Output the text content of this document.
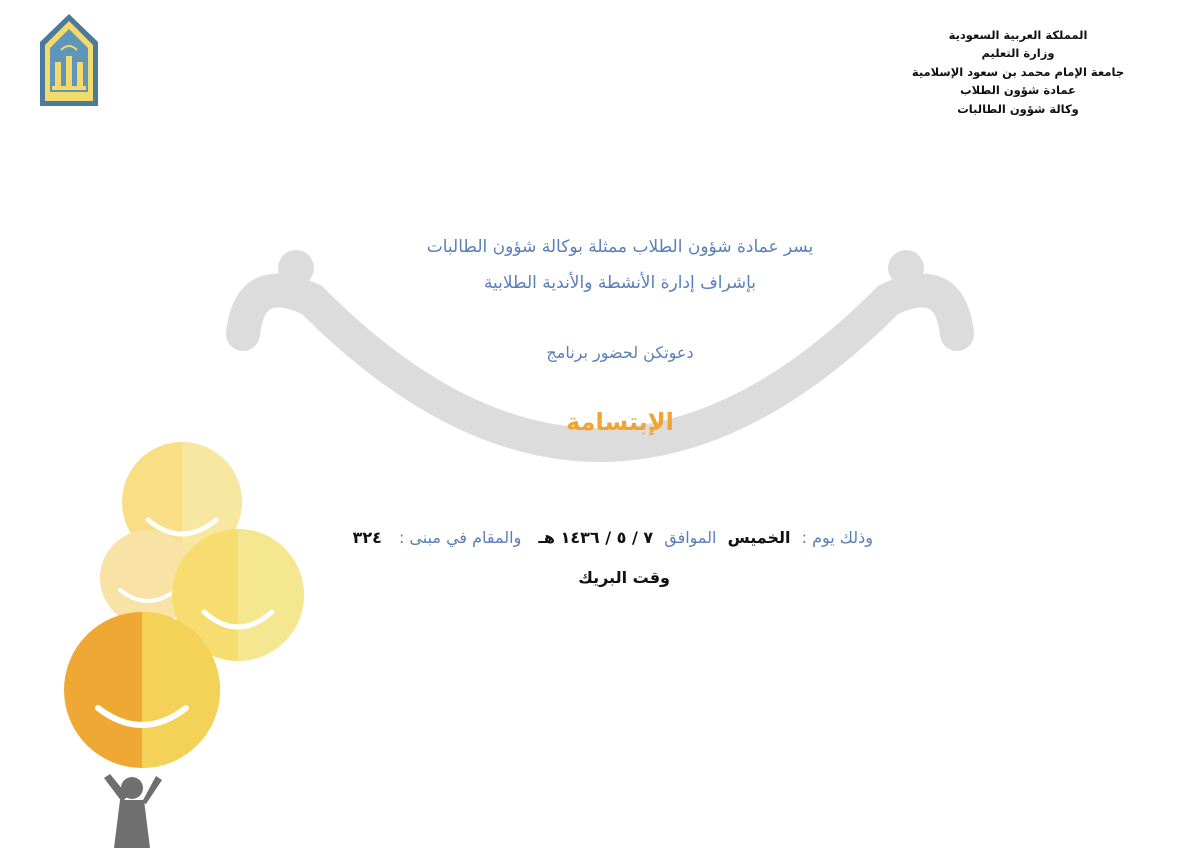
المملكة العربية السعودية
وزارة التعليم
جامعة الإمام محمد بن سعود الإسلامية
عمادة شؤون الطلاب
وكالة شؤون الطالبات
يسر عمادة شؤون الطلاب ممثلة بوكالة شؤون الطالبات
بإشراف إدارة الأنشطة والأندية الطلابية
دعوتكن لحضور برنامج
الإبتسامة
وذلك يوم : الخميس الموافق ٧ / ٥ / ١٤٣٦ هـ والمقام في مبنى : ٣٢٤
وقت البريك
